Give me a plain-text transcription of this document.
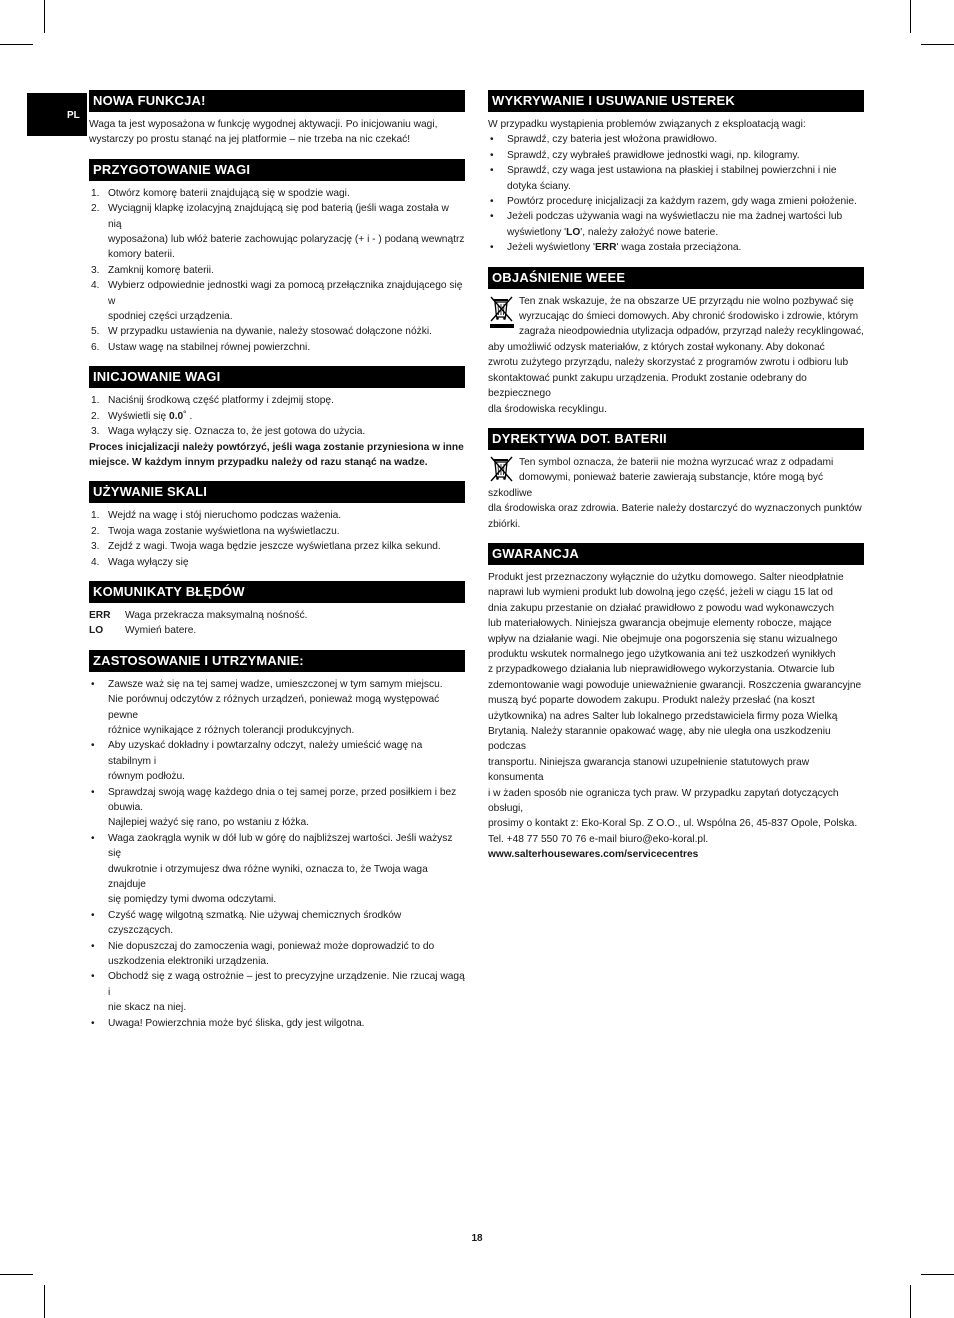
PL
NOWA FUNKCJA!

Waga ta jest wyposażona w funkcję wygodnej aktywacji. Po inicjowaniu wagi,

wystarczy po prostu stanąć na jej platformie – nie trzeba na nic czekać!

PRZYGOTOWANIE WAGI
1. Otwórz komorę baterii znajdującą się w spodzie wagi.
2. Wyciągnij klapkę izolacyjną znajdującą się pod baterią (jeśli waga została w nią
wyposażona) lub włóż baterie zachowując polaryzację (+ i - ) podaną wewnątrz
komory baterii.
3. Zamknij komorę baterii.
4. Wybierz odpowiednie jednostki wagi za pomocą przełącznika znajdującego się w
spodniej części urządzenia.
5. W przypadku ustawienia na dywanie, należy stosować dołączone nóżki.
6. Ustaw wagę na stabilnej równej powierzchni.
INICJOWANIE WAGI
1. Naciśnij środkową część platformy i zdejmij stopę.
2. Wyświetli się 0.0˚ .
3. Waga wyłączy się. Oznacza to, że jest gotowa do użycia.

Proces inicjalizacji należy powtórzyć, jeśli waga zostanie przyniesiona w inne

miejsce. W każdym innym przypadku należy od razu stanąć na wadze.

UŻYWANIE SKALI
1. Wejdź na wagę i stój nieruchomo podczas ważenia.
2. Twoja waga zostanie wyświetlona na wyświetlaczu.
3. Zejdź z wagi. Twoja waga będzie jeszcze wyświetlana przez kilka sekund.
4. Waga wyłączy się
KOMUNIKATY BŁĘDÓW
ERR	Waga przekracza maksymalną nośność.
LO	Wymień batere.
ZASTOSOWANIE I UTRZYMANIE:
• Zawsze waż się na tej samej wadze, umieszczonej w tym samym miejscu.
Nie porównuj odczytów z różnych urządzeń, ponieważ mogą występować pewne
różnice wynikające z różnych tolerancji produkcyjnych.
• Aby uzyskać dokładny i powtarzalny odczyt, należy umieścić wagę na stabilnym i
równym podłożu.
• Sprawdzaj swoją wagę każdego dnia o tej samej porze, przed posiłkiem i bez
obuwia.
Najlepiej ważyć się rano, po wstaniu z łóżka.
• Waga zaokrągla wynik w dół lub w górę do najbliższej wartości. Jeśli ważysz się
dwukrotnie i otrzymujesz dwa różne wyniki, oznacza to, że Twoja waga znajduje
się pomiędzy tymi dwoma odczytami.
• Czyść wagę wilgotną szmatką. Nie używaj chemicznych środków czyszczących.
• Nie dopuszczaj do zamoczenia wagi, ponieważ może doprowadzić to do
uszkodzenia elektroniki urządzenia.
• Obchodź się z wagą ostrożnie – jest to precyzyjne urządzenie. Nie rzucaj wagą i
nie skacz na niej.
• Uwaga! Powierzchnia może być śliska, gdy jest wilgotna.
WYKRYWANIE I USUWANIE USTEREK

W przypadku wystąpienia problemów związanych z eksploatacją wagi:

• Sprawdź, czy bateria jest włożona prawidłowo.
• Sprawdź, czy wybrałeś prawidłowe jednostki wagi, np. kilogramy.
• Sprawdź, czy waga jest ustawiona na płaskiej i stabilnej powierzchni i nie
dotyka ściany.
• Powtórz procedurę inicjalizacji za każdym razem, gdy waga zmieni położenie.
• Jeżeli podczas używania wagi na wyświetlaczu nie ma żadnej wartości lub
wyświetlony 'LO', należy założyć nowe baterie.
• Jeżeli wyświetlony 'ERR' waga została przeciążona.
OBJAŚNIENIE WEEE

Ten znak wskazuje, że na obszarze UE przyrządu nie wolno pozbywać się

wyrzucając do śmieci domowych. Aby chronić środowisko i zdrowie, którym

zagraża nieodpowiednia utylizacja odpadów, przyrząd należy recyklingować,

aby umożliwić odzysk materiałów, z których został wykonany. Aby dokonać

zwrotu zużytego przyrządu, należy skorzystać z programów zwrotu i odbioru lub

skontaktować punkt zakupu urządzenia. Produkt zostanie odebrany do bezpiecznego

dla środowiska recyklingu.

DYREKTYWA DOT. BATERII

Ten symbol oznacza, że baterii nie można wyrzucać wraz z odpadami

domowymi, ponieważ baterie zawierają substancje, które mogą być szkodliwe

dla środowiska oraz zdrowia. Baterie należy dostarczyć do wyznaczonych punktów

zbiórki.

GWARANCJA

Produkt jest przeznaczony wyłącznie do użytku domowego. Salter nieodpłatnie

naprawi lub wymieni produkt lub dowolną jego część, jeżeli w ciągu 15 lat od

dnia zakupu przestanie on działać prawidłowo z powodu wad wykonawczych

lub materiałowych. Niniejsza gwarancja obejmuje elementy robocze, mające

wpływ na działanie wagi. Nie obejmuje ona pogorszenia się stanu wizualnego

produktu wskutek normalnego jego użytkowania ani też uszkodzeń wynikłych

z przypadkowego działania lub nieprawidłowego wykorzystania. Otwarcie lub

zdemontowanie wagi powoduje unieważnienie gwarancji. Roszczenia gwarancyjne

muszą być poparte dowodem zakupu. Produkt należy przesłać (na koszt

użytkownika) na adres Salter lub lokalnego przedstawiciela firmy poza Wielką

Brytanią. Należy starannie opakować wagę, aby nie uległa ona uszkodzeniu podczas

transportu. Niniejsza gwarancja stanowi uzupełnienie statutowych praw konsumenta

i w żaden sposób nie ogranicza tych praw. W przypadku zapytań dotyczących obsługi,

prosimy o kontakt z: Eko-Koral Sp. Z O.O., ul. Wspólna 26, 45-837 Opole, Polska.

Tel. +48 77 550 70 76 e-mail biuro@eko-koral.pl.

www.salterhousewares.com/servicecentres

18
